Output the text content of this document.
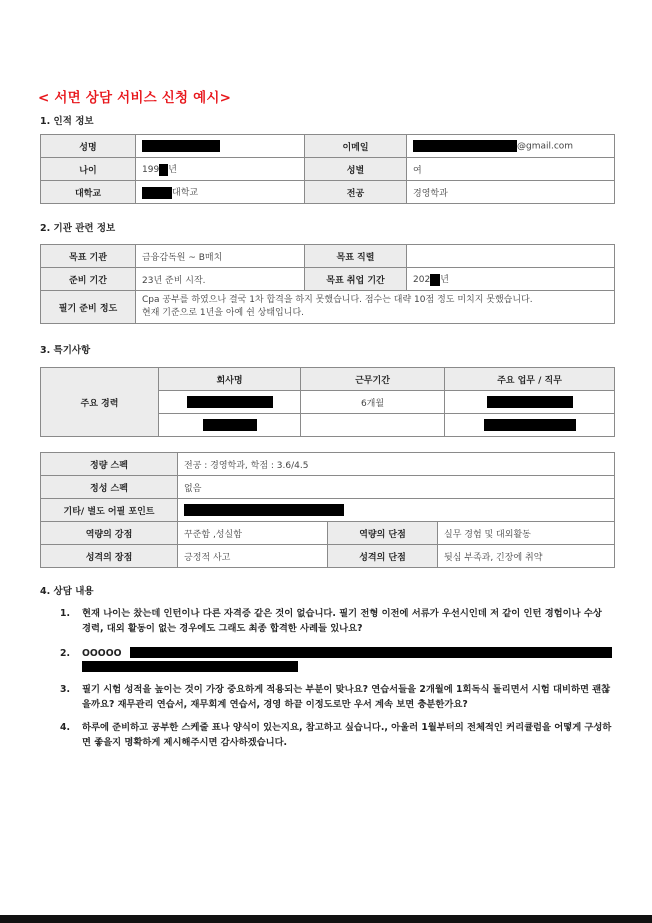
< 서면 상담 서비스 신청 예시>
1. 인적 정보
성명		이메일	@gmail.com
나이	199 년	성별	여
대학교	대학교	전공	경영학과
2. 기관 관련 정보
목표 기관	금융감독원 ~ B매치	목표 직렬	
준비 기간	23년 준비 시작.	목표 취업 기간	202 년
필기 준비 정도	Cpa 공부를 하였으나 결국 1차 합격을 하지 못했습니다. 점수는 대략 10점 정도 미치지 못했습니다.
현재 기준으로 1년을 아예 쉰 상태입니다.		
3. 특기사항
주요 경력	회사명	근무기간	주요 업무 / 직무
		6개월	

정량 스펙	전공 : 경영학과, 학점 : 3.6/4.5		
정성 스펙	없음		
기타/ 별도 어필 포인트			
역량의 강점	꾸준함 ,성실함	역량의 단점	실무 경험 및 대외활동
성격의 장점	긍정적 사고	성격의 단점	뒷심 부족과, 긴장에 취약
4. 상담 내용
1. 현재 나이는 찼는데 인턴이나 다른 자격증 같은 것이 없습니다. 필기 전형 이전에 서류가 우선시인데 저 같이 인턴 경험이나 수상 경력, 대외 활동이 없는 경우에도 그래도 최종 합격한 사례들 있나요?
2. OOOOO
3. 필기 시험 성적을 높이는 것이 가장 중요하게 적용되는 부분이 맞나요? 연습서들을 2개월에 1회독식 돌리면서 시험 대비하면 괜찮을까요? 재무관리 연습서, 재무회계 연습서, 경영 하끝 이정도로만 우서 계속 보면 충분한가요?
4. 하루에 준비하고 공부한 스케줄 표나 양식이 있는지요, 참고하고 싶습니다., 아울러 1월부터의 전체적인 커리큘럼을 어떻게 구성하면 좋을지 명확하게 제시해주시면 감사하겠습니다.
